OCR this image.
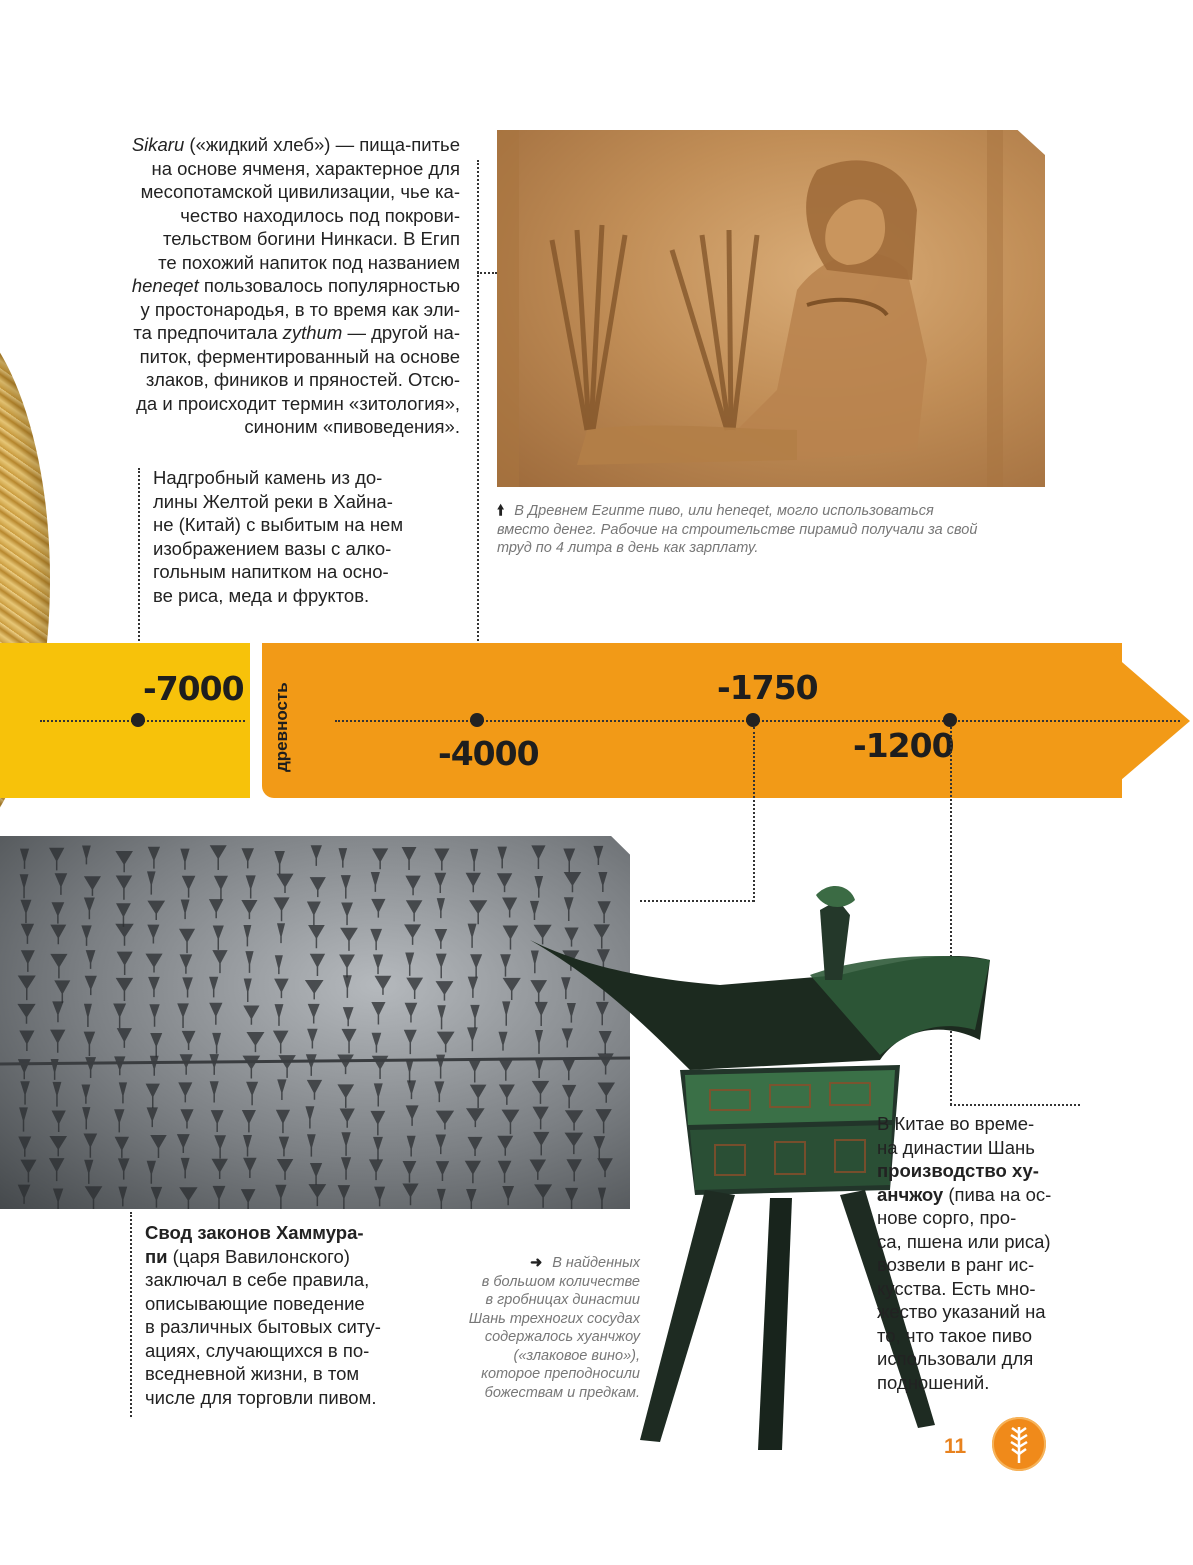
Sikaru («жидкий хлеб») — пища-питье
на основе ячменя, характерное для
месопотамской цивилизации, чье ка-
чество находилось под покрови-
тельством богини Нинкаси. В Егип
те похожий напиток под названием
heneqet пользовалось популярностью
у простонародья, в то время как эли-
та предпочитала zythum — другой на-
питок, ферментированный на основе
злаков, фиников и пряностей. Отсю-
да и происходит термин «зитология»,
синоним «пивоведения».
Надгробный камень из до-
лины Желтой реки в Хайна-
не (Китай) с выбитым на нем
изображением вазы с алко-
гольным напитком на осно-
ве риса, меда и фруктов.
🠙 В Древнем Египте пиво, или heneqet, могло использоваться
вместо денег. Рабочие на строительстве пирамид получали за свой
труд по 4 литра в день как зарплату.
древность
-7000
-4000
-1750
-1200
Свод законов Хаммура-
пи (царя Вавилонского)
заключал в себе правила,
описывающие поведение
в различных бытовых ситу-
ациях, случающихся в по-
вседневной жизни, в том
числе для торговли пивом.
➜ В найденных
в большом количестве
в гробницах династии
Шань трехногих сосудах
содержалось хуанчжоу
(«злаковое вино»),
которое преподносили
божествам и предкам.
В Китае во време-
на династии Шань
производство ху-
анчжоу (пива на ос-
нове сорго, про-
са, пшена или риса)
возвели в ранг ис-
кусства. Есть мно-
жество указаний на
то, что такое пиво
использовали для
подношений.
11
